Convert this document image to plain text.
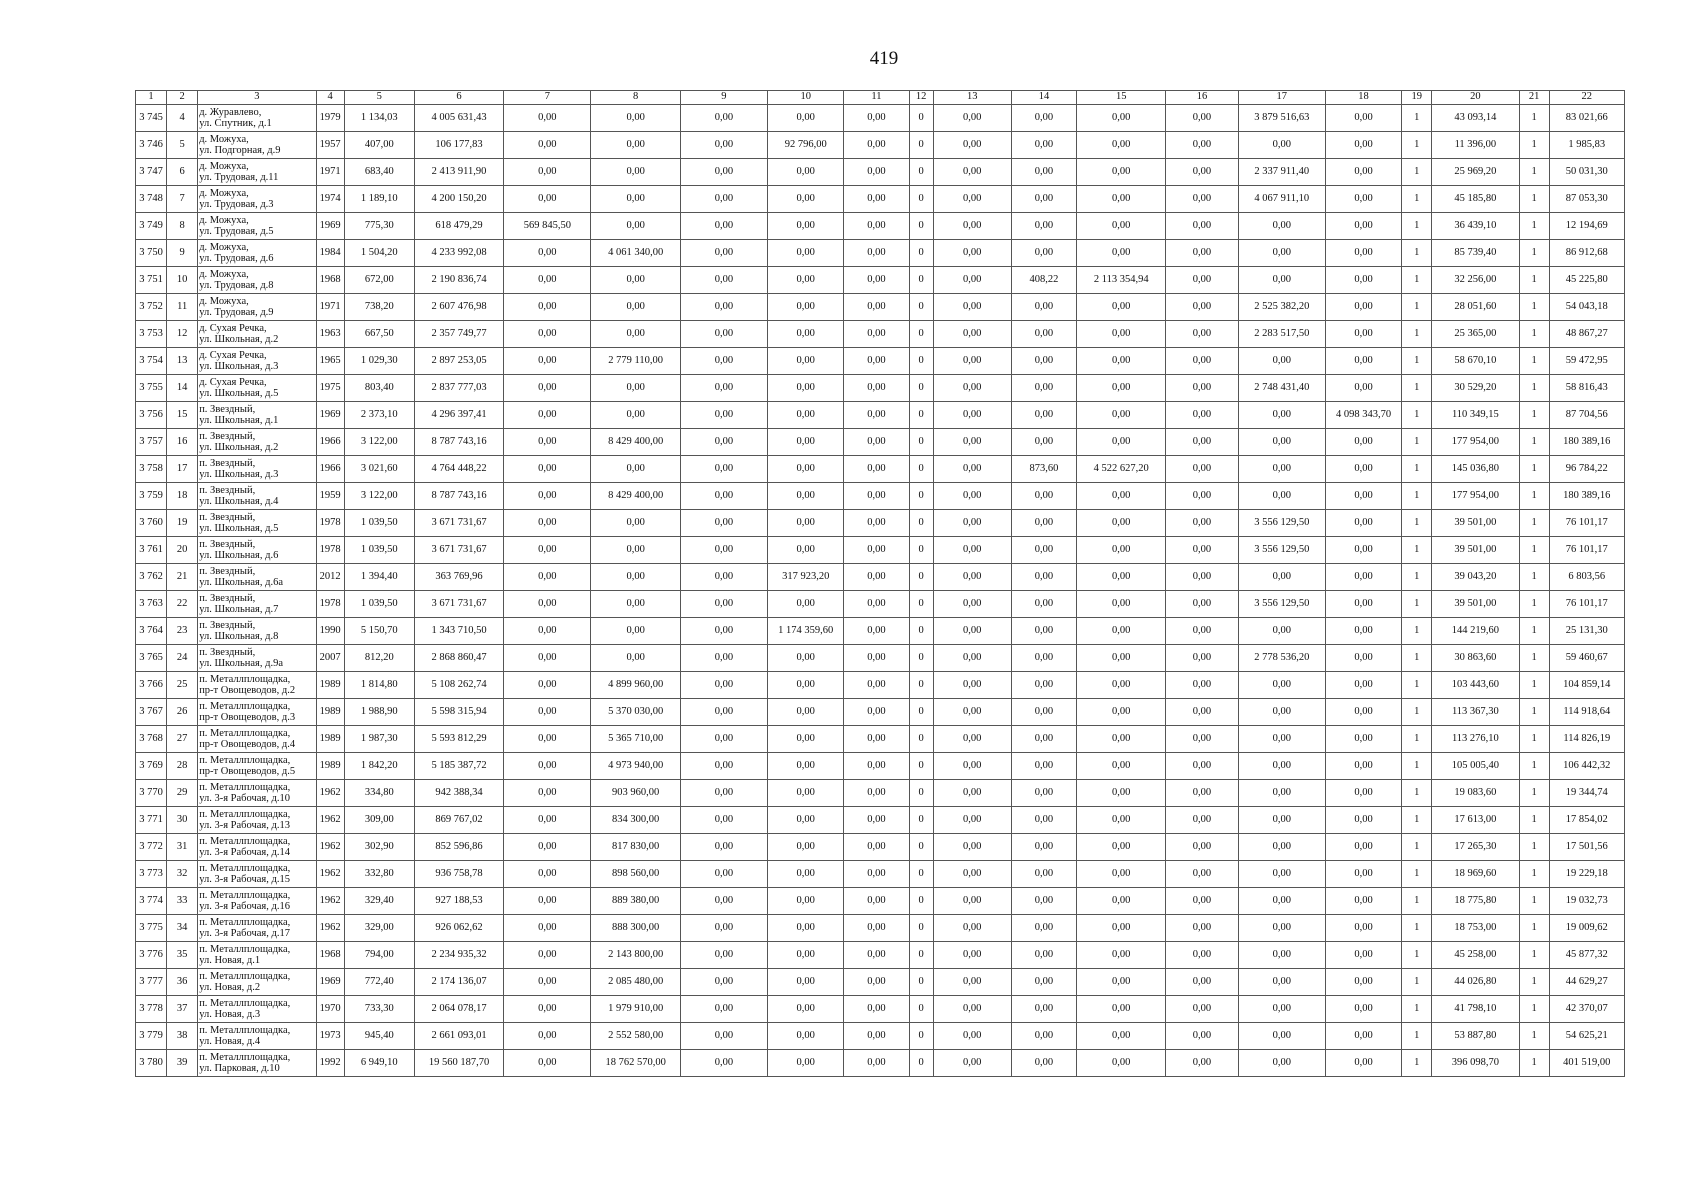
419
1	2	3	4	5	6	7	8	9	10	11	12	13	14	15	16	17	18	19	20	21	22
3 745	4	д. Журавлево,
ул. Спутник, д.1	1979	1 134,03	4 005 631,43	0,00	0,00	0,00	0,00	0,00	0	0,00	0,00	0,00	0,00	3 879 516,63	0,00	1	43 093,14	1	83 021,66
3 746	5	д. Можуха,
ул. Подгорная, д.9	1957	407,00	106 177,83	0,00	0,00	0,00	92 796,00	0,00	0	0,00	0,00	0,00	0,00	0,00	0,00	1	11 396,00	1	1 985,83
3 747	6	д. Можуха,
ул. Трудовая, д.11	1971	683,40	2 413 911,90	0,00	0,00	0,00	0,00	0,00	0	0,00	0,00	0,00	0,00	2 337 911,40	0,00	1	25 969,20	1	50 031,30
3 748	7	д. Можуха,
ул. Трудовая, д.3	1974	1 189,10	4 200 150,20	0,00	0,00	0,00	0,00	0,00	0	0,00	0,00	0,00	0,00	4 067 911,10	0,00	1	45 185,80	1	87 053,30
3 749	8	д. Можуха,
ул. Трудовая, д.5	1969	775,30	618 479,29	569 845,50	0,00	0,00	0,00	0,00	0	0,00	0,00	0,00	0,00	0,00	0,00	1	36 439,10	1	12 194,69
3 750	9	д. Можуха,
ул. Трудовая, д.6	1984	1 504,20	4 233 992,08	0,00	4 061 340,00	0,00	0,00	0,00	0	0,00	0,00	0,00	0,00	0,00	0,00	1	85 739,40	1	86 912,68
3 751	10	д. Можуха,
ул. Трудовая, д.8	1968	672,00	2 190 836,74	0,00	0,00	0,00	0,00	0,00	0	0,00	408,22	2 113 354,94	0,00	0,00	0,00	1	32 256,00	1	45 225,80
3 752	11	д. Можуха,
ул. Трудовая, д.9	1971	738,20	2 607 476,98	0,00	0,00	0,00	0,00	0,00	0	0,00	0,00	0,00	0,00	2 525 382,20	0,00	1	28 051,60	1	54 043,18
3 753	12	д. Сухая Речка,
ул. Школьная, д.2	1963	667,50	2 357 749,77	0,00	0,00	0,00	0,00	0,00	0	0,00	0,00	0,00	0,00	2 283 517,50	0,00	1	25 365,00	1	48 867,27
3 754	13	д. Сухая Речка,
ул. Школьная, д.3	1965	1 029,30	2 897 253,05	0,00	2 779 110,00	0,00	0,00	0,00	0	0,00	0,00	0,00	0,00	0,00	0,00	1	58 670,10	1	59 472,95
3 755	14	д. Сухая Речка,
ул. Школьная, д.5	1975	803,40	2 837 777,03	0,00	0,00	0,00	0,00	0,00	0	0,00	0,00	0,00	0,00	2 748 431,40	0,00	1	30 529,20	1	58 816,43
3 756	15	п. Звездный,
ул. Школьная, д.1	1969	2 373,10	4 296 397,41	0,00	0,00	0,00	0,00	0,00	0	0,00	0,00	0,00	0,00	0,00	4 098 343,70	1	110 349,15	1	87 704,56
3 757	16	п. Звездный,
ул. Школьная, д.2	1966	3 122,00	8 787 743,16	0,00	8 429 400,00	0,00	0,00	0,00	0	0,00	0,00	0,00	0,00	0,00	0,00	1	177 954,00	1	180 389,16
3 758	17	п. Звездный,
ул. Школьная, д.3	1966	3 021,60	4 764 448,22	0,00	0,00	0,00	0,00	0,00	0	0,00	873,60	4 522 627,20	0,00	0,00	0,00	1	145 036,80	1	96 784,22
3 759	18	п. Звездный,
ул. Школьная, д.4	1959	3 122,00	8 787 743,16	0,00	8 429 400,00	0,00	0,00	0,00	0	0,00	0,00	0,00	0,00	0,00	0,00	1	177 954,00	1	180 389,16
3 760	19	п. Звездный,
ул. Школьная, д.5	1978	1 039,50	3 671 731,67	0,00	0,00	0,00	0,00	0,00	0	0,00	0,00	0,00	0,00	3 556 129,50	0,00	1	39 501,00	1	76 101,17
3 761	20	п. Звездный,
ул. Школьная, д.6	1978	1 039,50	3 671 731,67	0,00	0,00	0,00	0,00	0,00	0	0,00	0,00	0,00	0,00	3 556 129,50	0,00	1	39 501,00	1	76 101,17
3 762	21	п. Звездный,
ул. Школьная, д.6а	2012	1 394,40	363 769,96	0,00	0,00	0,00	317 923,20	0,00	0	0,00	0,00	0,00	0,00	0,00	0,00	1	39 043,20	1	6 803,56
3 763	22	п. Звездный,
ул. Школьная, д.7	1978	1 039,50	3 671 731,67	0,00	0,00	0,00	0,00	0,00	0	0,00	0,00	0,00	0,00	3 556 129,50	0,00	1	39 501,00	1	76 101,17
3 764	23	п. Звездный,
ул. Школьная, д.8	1990	5 150,70	1 343 710,50	0,00	0,00	0,00	1 174 359,60	0,00	0	0,00	0,00	0,00	0,00	0,00	0,00	1	144 219,60	1	25 131,30
3 765	24	п. Звездный,
ул. Школьная, д.9а	2007	812,20	2 868 860,47	0,00	0,00	0,00	0,00	0,00	0	0,00	0,00	0,00	0,00	2 778 536,20	0,00	1	30 863,60	1	59 460,67
3 766	25	п. Металлплощадка,
пр-т Овощеводов, д.2	1989	1 814,80	5 108 262,74	0,00	4 899 960,00	0,00	0,00	0,00	0	0,00	0,00	0,00	0,00	0,00	0,00	1	103 443,60	1	104 859,14
3 767	26	п. Металлплощадка,
пр-т Овощеводов, д.3	1989	1 988,90	5 598 315,94	0,00	5 370 030,00	0,00	0,00	0,00	0	0,00	0,00	0,00	0,00	0,00	0,00	1	113 367,30	1	114 918,64
3 768	27	п. Металлплощадка,
пр-т Овощеводов, д.4	1989	1 987,30	5 593 812,29	0,00	5 365 710,00	0,00	0,00	0,00	0	0,00	0,00	0,00	0,00	0,00	0,00	1	113 276,10	1	114 826,19
3 769	28	п. Металлплощадка,
пр-т Овощеводов, д.5	1989	1 842,20	5 185 387,72	0,00	4 973 940,00	0,00	0,00	0,00	0	0,00	0,00	0,00	0,00	0,00	0,00	1	105 005,40	1	106 442,32
3 770	29	п. Металлплощадка,
ул. 3-я Рабочая, д.10	1962	334,80	942 388,34	0,00	903 960,00	0,00	0,00	0,00	0	0,00	0,00	0,00	0,00	0,00	0,00	1	19 083,60	1	19 344,74
3 771	30	п. Металлплощадка,
ул. 3-я Рабочая, д.13	1962	309,00	869 767,02	0,00	834 300,00	0,00	0,00	0,00	0	0,00	0,00	0,00	0,00	0,00	0,00	1	17 613,00	1	17 854,02
3 772	31	п. Металлплощадка,
ул. 3-я Рабочая, д.14	1962	302,90	852 596,86	0,00	817 830,00	0,00	0,00	0,00	0	0,00	0,00	0,00	0,00	0,00	0,00	1	17 265,30	1	17 501,56
3 773	32	п. Металлплощадка,
ул. 3-я Рабочая, д.15	1962	332,80	936 758,78	0,00	898 560,00	0,00	0,00	0,00	0	0,00	0,00	0,00	0,00	0,00	0,00	1	18 969,60	1	19 229,18
3 774	33	п. Металлплощадка,
ул. 3-я Рабочая, д.16	1962	329,40	927 188,53	0,00	889 380,00	0,00	0,00	0,00	0	0,00	0,00	0,00	0,00	0,00	0,00	1	18 775,80	1	19 032,73
3 775	34	п. Металлплощадка,
ул. 3-я Рабочая, д.17	1962	329,00	926 062,62	0,00	888 300,00	0,00	0,00	0,00	0	0,00	0,00	0,00	0,00	0,00	0,00	1	18 753,00	1	19 009,62
3 776	35	п. Металлплощадка,
ул. Новая, д.1	1968	794,00	2 234 935,32	0,00	2 143 800,00	0,00	0,00	0,00	0	0,00	0,00	0,00	0,00	0,00	0,00	1	45 258,00	1	45 877,32
3 777	36	п. Металлплощадка,
ул. Новая, д.2	1969	772,40	2 174 136,07	0,00	2 085 480,00	0,00	0,00	0,00	0	0,00	0,00	0,00	0,00	0,00	0,00	1	44 026,80	1	44 629,27
3 778	37	п. Металлплощадка,
ул. Новая, д.3	1970	733,30	2 064 078,17	0,00	1 979 910,00	0,00	0,00	0,00	0	0,00	0,00	0,00	0,00	0,00	0,00	1	41 798,10	1	42 370,07
3 779	38	п. Металлплощадка,
ул. Новая, д.4	1973	945,40	2 661 093,01	0,00	2 552 580,00	0,00	0,00	0,00	0	0,00	0,00	0,00	0,00	0,00	0,00	1	53 887,80	1	54 625,21
3 780	39	п. Металлплощадка,
ул. Парковая, д.10	1992	6 949,10	19 560 187,70	0,00	18 762 570,00	0,00	0,00	0,00	0	0,00	0,00	0,00	0,00	0,00	0,00	1	396 098,70	1	401 519,00
